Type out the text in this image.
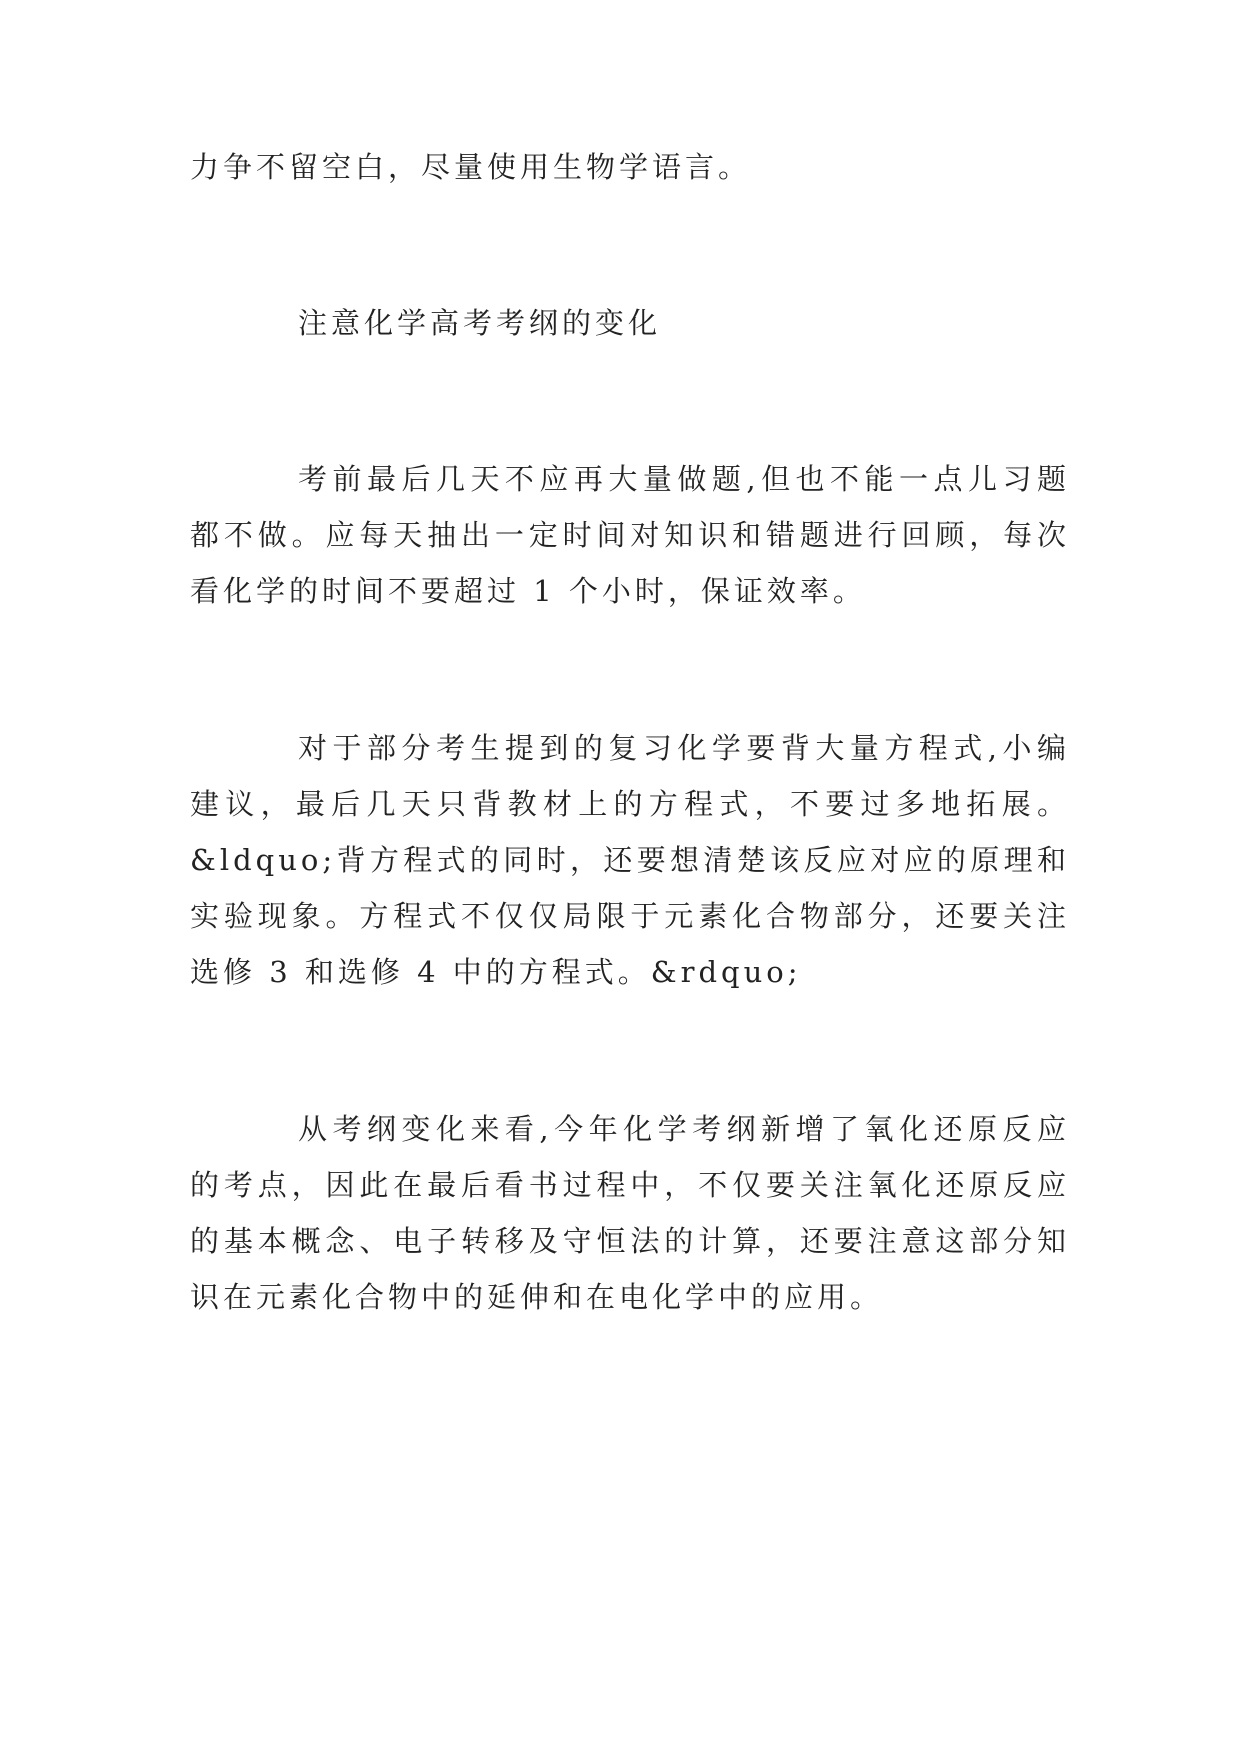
力争不留空白，尽量使用生物学语言。
注意化学高考考纲的变化
考前最后几天不应再大量做题,但也不能一点儿习题
都不做。应每天抽出一定时间对知识和错题进行回顾，每次
看化学的时间不要超过 1 个小时，保证效率。
对于部分考生提到的复习化学要背大量方程式,小编
建议，最后几天只背教材上的方程式，不要过多地拓展。
&ldquo;背方程式的同时，还要想清楚该反应对应的原理和
实验现象。方程式不仅仅局限于元素化合物部分，还要关注
选修 3 和选修 4 中的方程式。&rdquo;
从考纲变化来看,今年化学考纲新增了氧化还原反应
的考点，因此在最后看书过程中，不仅要关注氧化还原反应
的基本概念、电子转移及守恒法的计算，还要注意这部分知
识在元素化合物中的延伸和在电化学中的应用。
